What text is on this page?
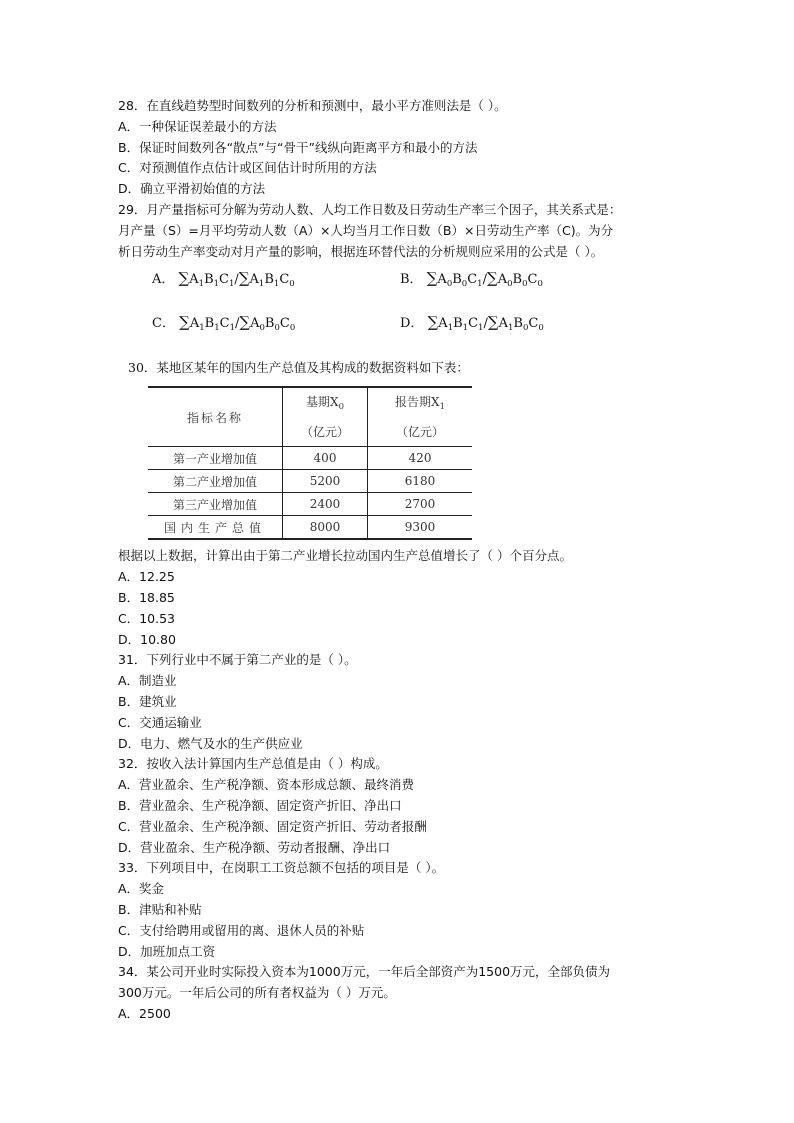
28．在直线趋势型时间数列的分析和预测中，最小平方准则法是（ ）。
A．一种保证误差最小的方法
B．保证时间数列各“散点”与“骨干”线纵向距离平方和最小的方法
C．对预测值作点估计或区间估计时所用的方法
D．确立平滑初始值的方法
29．月产量指标可分解为劳动人数、人均工作日数及日劳动生产率三个因子，其关系式是：
月产量（S）=月平均劳动人数（A）×人均当月工作日数（B）×日劳动生产率（C)。为分
析日劳动生产率变动对月产量的影响，根据连环替代法的分析规则应采用的公式是（ ）。
A． $\sum A_1B_1C_1/\sum A_1B_1C_0$	B． $\sum A_0B_0C_1/\sum A_0B_0C_0$
C． $\sum A_1B_1C_1/\sum A_0B_0C_0$	D． $\sum A_1B_1C_1/\sum A_1B_0C_0$
30．某地区某年的国内生产总值及其构成的数据资料如下表：
指标名称	基期$X_0$	报告期$X_1$
	（亿元）	（亿元）
第一产业增加值	400	420
第二产业增加值	5200	6180
第三产业增加值	2400	2700
国内生产总值	8000	9300
根据以上数据，计算出由于第二产业增长拉动国内生产总值增长了（ ）个百分点。
A．12.25
B．18.85
C．10.53
D．10.80
31．下列行业中不属于第二产业的是（ ）。
A．制造业
B．建筑业
C．交通运输业
D．电力、燃气及水的生产供应业
32．按收入法计算国内生产总值是由（ ）构成。
A．营业盈余、生产税净额、资本形成总额、最终消费
B．营业盈余、生产税净额、固定资产折旧、净出口
C．营业盈余、生产税净额、固定资产折旧、劳动者报酬
D．营业盈余、生产税净额、劳动者报酬、净出口
33．下列项目中，在岗职工工资总额不包括的项目是（ ）。
A．奖金
B．津贴和补贴
C．支付给聘用或留用的离、退休人员的补贴
D．加班加点工资
34．某公司开业时实际投入资本为1000万元，一年后全部资产为1500万元，全部负债为
300万元。一年后公司的所有者权益为（ ）万元。
A．2500
